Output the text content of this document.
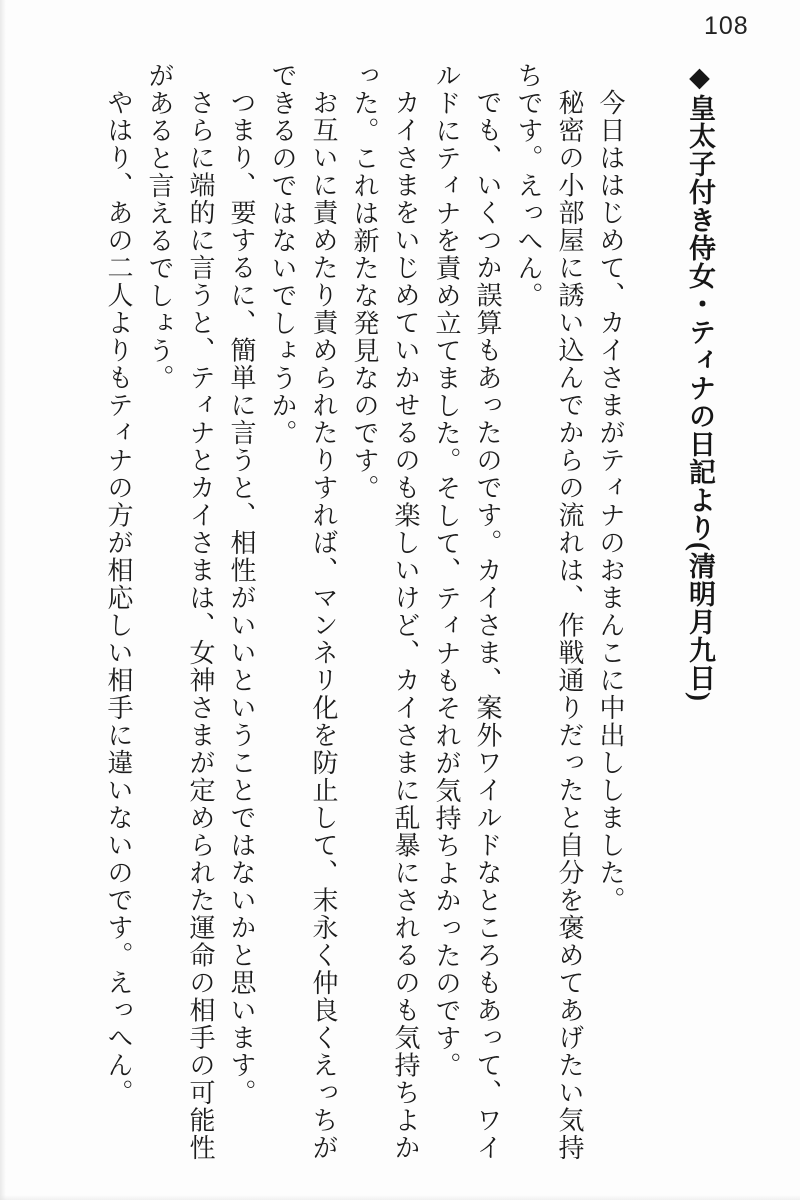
108
◆皇太子付き侍女・ティナの日記より(清明月九日)

今日ははじめて、カイさまがティナのおまんこに中出ししました。

秘密の小部屋に誘い込んでからの流れは、作戦通りだったと自分を褒めてあげたい気持ちです。えっへん。

でも、いくつか誤算もあったのです。カイさま、案外ワイルドなところもあって、ワイルドにティナを責め立てました。そして、ティナもそれが気持ちよかったのです。

カイさまをいじめていかせるのも楽しいけど、カイさまに乱暴にされるのも気持ちよかった。これは新たな発見なのです。

お互いに責めたり責められたりすれば、マンネリ化を防止して、末永く仲良くえっちができるのではないでしょうか。

つまり、要するに、簡単に言うと、相性がいいということではないかと思います。

さらに端的に言うと、ティナとカイさまは、女神さまが定められた運命の相手の可能性があると言えるでしょう。

やはり、あの二人よりもティナの方が相応しい相手に違いないのです。えっへん。
